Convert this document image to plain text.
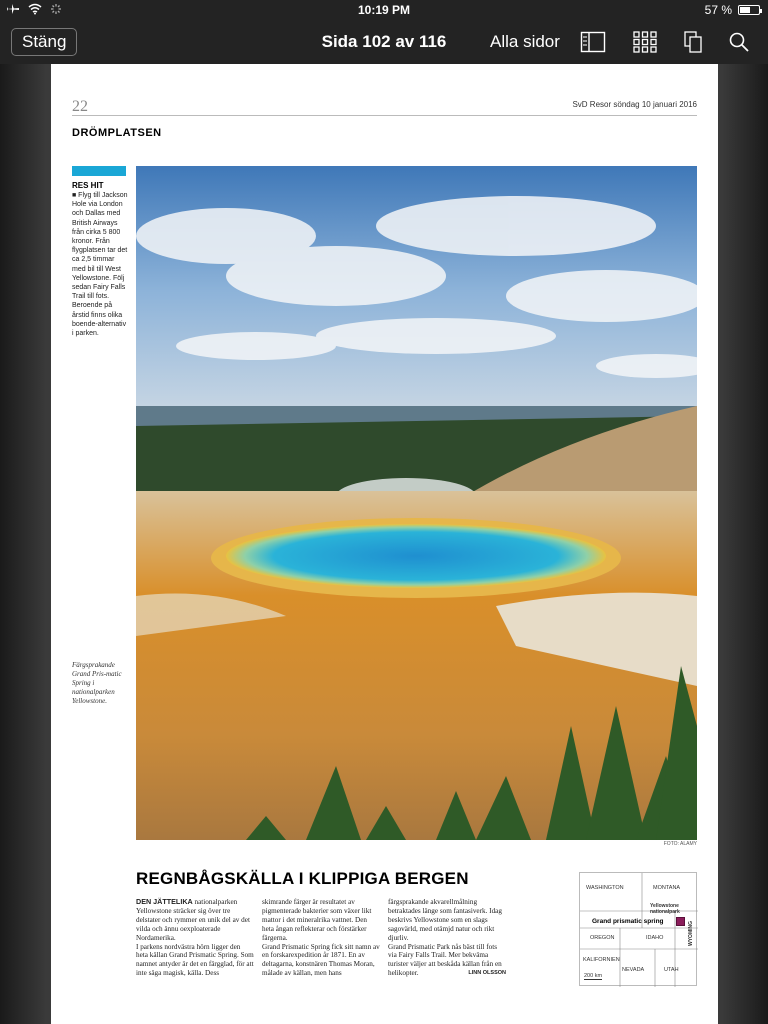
10:19 PM	57 %
Stäng	Sida 102 av 116	Alla sidor
22	SvD Resor söndag 10 januari 2016
DRÖMPLATSEN
RES HIT
■ Flyg till Jackson Hole via London och Dallas med British Airways från cirka 5 800 kronor. Från flygplatsen tar det ca 2,5 timmar med bil till West Yellowstone. Följ sedan Fairy Falls Trail till fots. Beroende på årstid finns olika boende-alternativ i parken.
Färgsprakande Grand Pris-matic Spring i nationalparken Yellowstone.
FOTO: ALAMY
REGNBÅGSKÄLLA I KLIPPIGA BERGEN
DEN JÄTTELIKA nationalparken Yellowstone sträcker sig över tre delstater och rymmer en unik del av det vilda och ännu oexploaterade Nordamerika.
I parkens nordvästra hörn ligger den heta källan Grand Prismatic Spring. Som namnet antyder är det en färgglad, för att inte säga magisk, källa. Dess
skimrande färger är resultatet av pigmenterade bakterier som växer likt mattor i det mineralrika vattnet. Den heta ångan reflekterar och förstärker färgerna.
Grand Prismatic Spring fick sitt namn av en forskarexpedition år 1871. En av deltagarna, konstnären Thomas Moran, målade av källan, men hans
färgsprakande akvarellmålning betraktades länge som fantasiverk. Idag beskrivs Yellowstone som en slags sagovärld, med otämjd natur och rikt djurliv.
Grand Prismatic Park nås bäst till fots via Fairy Falls Trail. Mer bekväma turister väljer att beskåda källan från en helikopter.	LINN OLSSON
WASHINGTON	MONTANA
Yellowstone nationalpark
Grand prismatic spring
OREGON	IDAHO	WYOMING
KALIFORNIEN
NEVADA	UTAH
200 km
